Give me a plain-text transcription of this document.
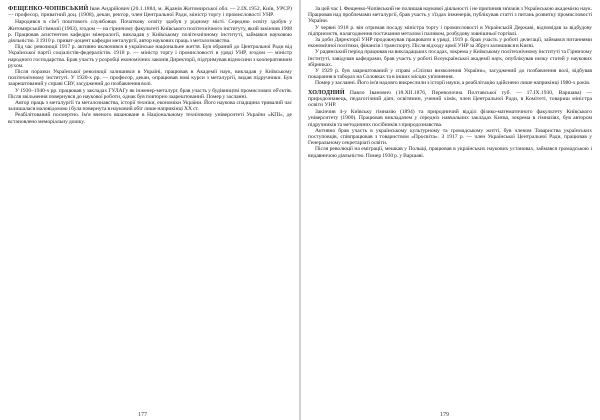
ФЕЩЕНКО-ЧОПІВСЬКИЙ Іван Андрійович (20.1.1884, м. Жданів Житомирської обл. — 2.IX.1952, Київ, УРСР) — професор, приватний доц. (1908), декан, ректор, член Центральної Ради, міністр торгу і промисловості УНР.

Народився в сім'ї поштового службовця. Початкову освіту здобув у рідному місті. Середню освіту здобув у Житомирській гімназії (1903), згодом — на гірничому факультеті Київського політехнічного інституту, який закінчив 1908 р. Працював асистентом кафедри мінералогії, викладав у Київському політехнічному інституті, займався науковою діяльністю. З 1910 р. приват-доцент кафедри металургії, автор наукових праць з металознавства.

Під час революції 1917 р. активно включився в українське національне життя. Був обраний до Центральної Ради від Української партії соціалістів-федералістів. 1918 р. — міністр торгу і промисловості в уряді УНР, згодом — міністр народного господарства. Брав участь у розробці економічних законів Директорії, підтримував відносини з кооперативним рухом.

Після поразки Української революції залишився в Україні, працював в Академії наук, викладав у Київському політехнічному інституті. У 1920-х рр. — професор, декан, опрацював нові курси з металургії, видав підручники. Був заарештований у справі СВУ, засуджений до позбавлення волі.

У 1930–1940-х рр. працював у закладах ГУЛАГу як інженер-металург, брав участь у будівництві промислових об'єктів. Після звільнення повернувся до наукової роботи, однак був повторно заарештований. Помер у засланні.

Автор праць з металургії та металознавства, історії техніки, економіки України. Його наукова спадщина тривалий час залишалася маловідомою і була повернута в науковий обіг лише наприкінці XX ст.

Реабілітований посмертно. Ім'я вченого вшановане в Національному технічному університеті України «КПІ», де встановлено меморіальну дошку.

177

За цей час І. Фещенко-Чопівський не полишав наукової діяльності і не припиняв зв'язків з Українською академією наук. Працював над проблемами металургії, брав участь у з'їздах інженерів, публікував статті з питань розвитку промисловості України.

У червні 1918 р. він отримав посаду міністра торгу і промисловості в Українській Державі, відповідав за відбудову підприємств, налагодження постачання металом і паливом, розбудову зовнішньої торгівлі.

За доби Директорії УНР продовжував працювати в уряді, 1919 р. брав участь у роботі делегації, займався питаннями економічної політики, фінансів і транспорту. Після відходу армії УНР за Збруч залишився в Києві.

У радянський період працював на викладацьких посадах, зокрема у Київському політехнічному інституті та Гірничому інституті, завідував кафедрами, брав участь у роботі Всеукраїнської академії наук, опублікував низку статей у наукових збірниках.

У 1929 р. був заарештований у справі «Спілки визволення України», засуджений до позбавлення волі, відбував покарання в таборах на Соловках та в інших місцях ув'язнення.

Помер у засланні. Його ім'я надовго викреслили з історії науки, а реабілітацію здійснено лише наприкінці 1980-х років.

ХОЛОДНИЙ Павло Іванович (18.XII.1876, Переволочна Полтавської губ. — 17.IX.1930, Варшава) — природознавець, педагогічний діяч, освітянин, учений хімік, член Центральної Ради, в Комітеті, товариш міністра освіти УНР.

Закінчив 4-у Київську гімназію (1894) та природничий відділ фізико-математичного факультету Київського університету (1900). Працював викладачем у середніх навчальних закладах Києва, зокрема в гімназіях, був автором підручників та методичних посібників з природознавства.

Активно брав участь в українському культурному та громадському житті, був членом Товариства українських поступовців, співпрацював з товариством «Просвіта». З 1917 р. — член Української Центральної Ради, працював у Генеральному секретаріаті освіти.

Після революції на еміграції, мешкав у Польщі, працював в українських наукових установах, займався громадською і видавничою діяльністю. Помер 1930 р. у Варшаві.

179
